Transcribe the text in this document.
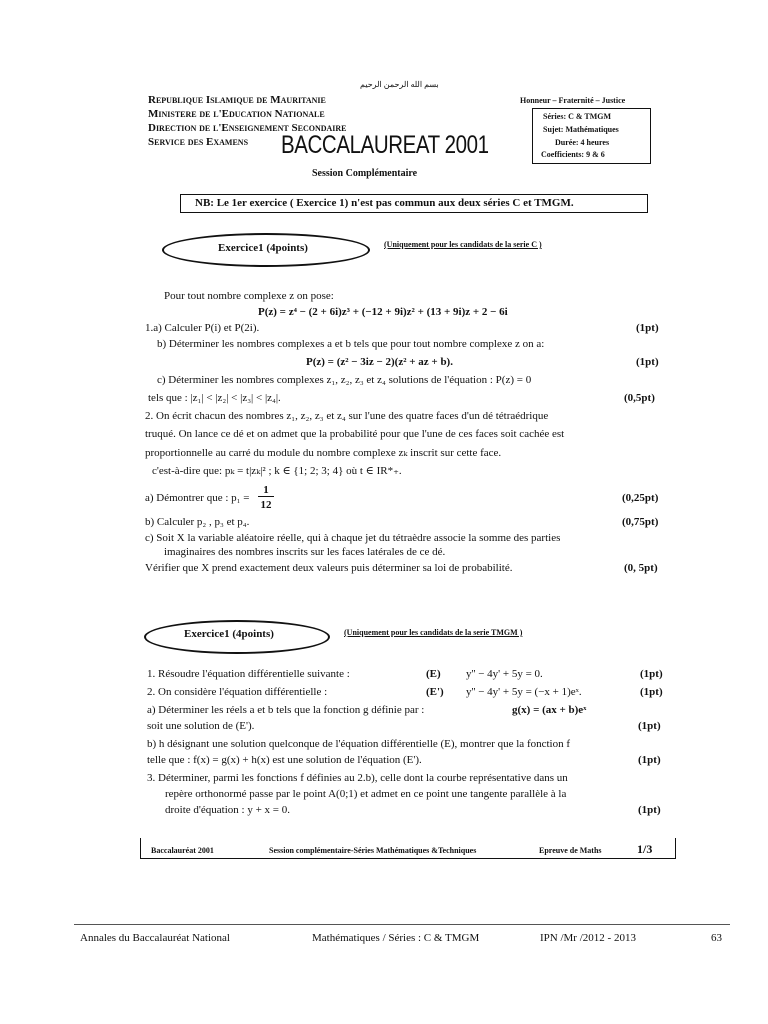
بسم الله الرحمن الرحيم
Republique Islamique de Mauritanie
Ministere de l'Education Nationale
Direction de l'Enseignement Secondaire
Service des Examens BACCALAUREAT 2001
Session Complémentaire
Honneur – Fraternité – Justice
Séries: C & TMGM
Sujet: Mathématiques
Durée: 4 heures
Coefficients: 9 & 6
NB: Le 1er exercice ( Exercice 1) n'est pas commun aux deux séries C et TMGM.
Exercice1 (4points)	(Uniquement pour les candidats de la serie C )
Pour tout nombre complexe z on pose:
P(z) = z⁴ − (2 + 6i)z³ + (−12 + 9i)z² + (13 + 9i)z + 2 − 6i
1.a) Calculer P(i) et P(2i).	(1pt)
b) Déterminer les nombres complexes a et b tels que pour tout nombre complexe z on a:
P(z) = (z² − 3iz − 2)(z² + az + b).	(1pt)
c) Déterminer les nombres complexes z₁, z₂, z₃ et z₄ solutions de l'équation : P(z) = 0
tels que : |z₁| < |z₂| < |z₃| < |z₄|.	(0,5pt)
2. On écrit chacun des nombres z₁, z₂, z₃ et z₄ sur l'une des quatre faces d'un dé tétraédrique
truqué. On lance ce dé et on admet que la probabilité pour que l'une de ces faces soit cachée est
proportionnelle au carré du module du nombre complexe zₖ inscrit sur cette face.
c'est-à-dire que: pₖ = t|zₖ|² ; k ∈ {1; 2; 3; 4} où t ∈ IR*₊.
a) Démontrer que : p₁ =
1
12
(0,25pt)
b) Calculer p₂ , p₃ et p₄.	(0,75pt)
c) Soit X la variable aléatoire réelle, qui à chaque jet du tétraèdre associe la somme des parties
imaginaires des nombres inscrits sur les faces latérales de ce dé.
Vérifier que X prend exactement deux valeurs puis déterminer sa loi de probabilité.	(0, 5pt)
Exercice1 (4points)	(Uniquement pour les candidats de la serie TMGM )
1. Résoudre l'équation différentielle suivante :	(E) y'' − 4y' + 5y = 0.	(1pt)
2. On considère l'équation différentielle :	(E') y'' − 4y' + 5y = (−x + 1)eˣ.	(1pt)
a) Déterminer les réels a et b tels que la fonction g définie par :	g(x) = (ax + b)eˣ
soit une solution de (E').	(1pt)
b) h désignant une solution quelconque de l'équation différentielle (E), montrer que la fonction f
telle que : f(x) = g(x) + h(x) est une solution de l'équation (E').	(1pt)
3. Déterminer, parmi les fonctions f définies au 2.b), celle dont la courbe représentative dans un
repère orthonormé passe par le point A(0;1) et admet en ce point une tangente parallèle à la
droite d'équation : y + x = 0.	(1pt)
Baccalauréat 2001	Session complémentaire-Séries Mathématiques &Techniques	Epreuve de Maths	1/3
Annales du Baccalauréat National	Mathématiques / Séries : C & TMGM	IPN /Mr /2012 - 2013	63
